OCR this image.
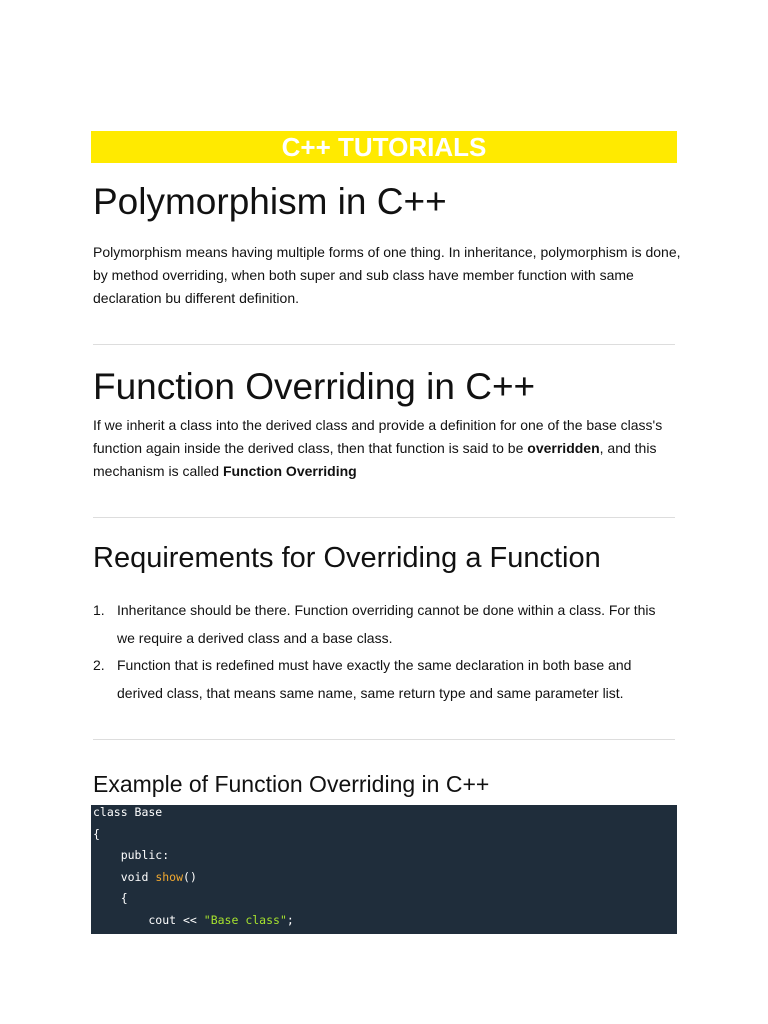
C++ TUTORIALS
Polymorphism in C++

Polymorphism means having multiple forms of one thing. In inheritance, polymorphism is done, by method overriding, when both super and sub class have member function with same declaration bu different definition.

Function Overriding in C++

If we inherit a class into the derived class and provide a definition for one of the base class's function again inside the derived class, then that function is said to be overridden, and this mechanism is called Function Overriding

Requirements for Overriding a Function
1. Inheritance should be there. Function overriding cannot be done within a class. For this we require a derived class and a base class.
2. Function that is redefined must have exactly the same declaration in both base and derived class, that means same name, same return type and same parameter list.
Example of Function Overriding in C++
class Base
{
public:
void show()
{
cout << "Base class";
